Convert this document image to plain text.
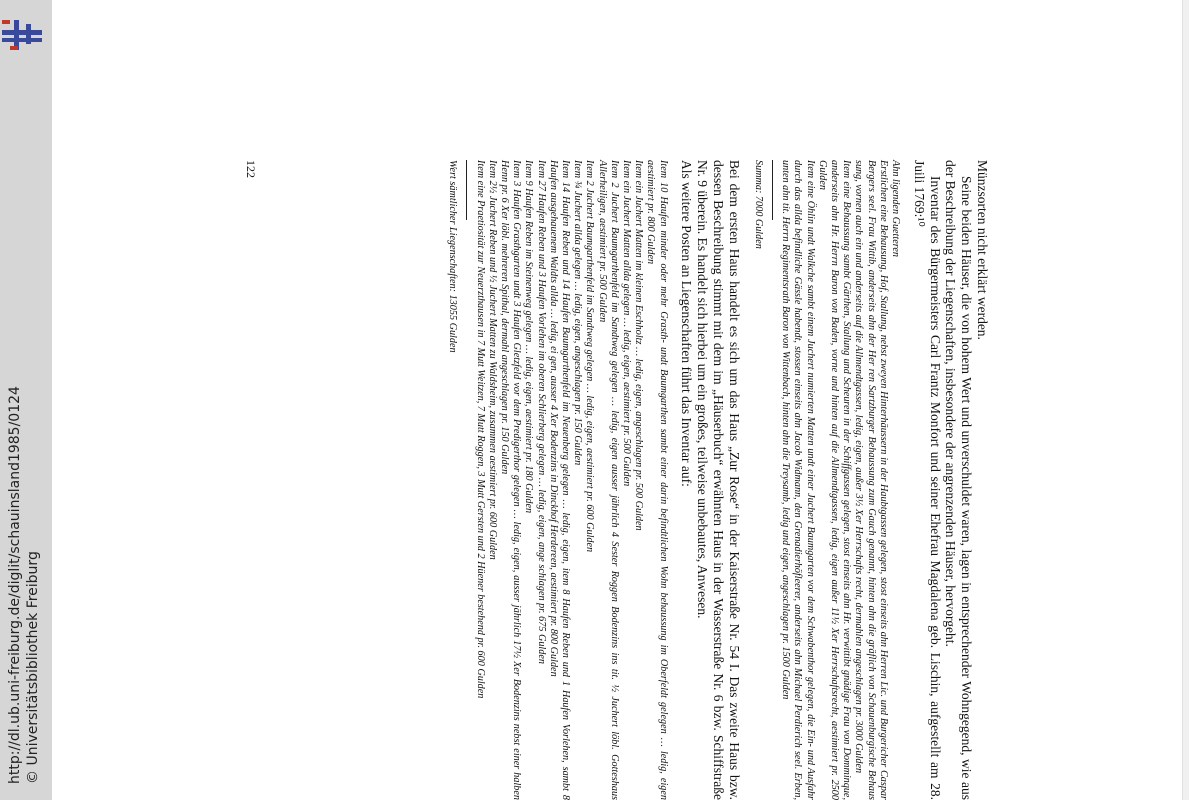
http://dl.ub.uni-freiburg.de/diglit/schauinsland1985/0124 © Universitätsbibliothek Freiburg

Münzsorten nicht erklärt werden.

Seine beiden Häuser, die von hohem Wert und unverschuldet waren, lagen in entsprechender Wohngegend, wie aus der Beschreibung der Liegenschaften, insbesondere der angrenzenden Häuser, hervorgeht.

Inventar des Bürgermeisters Carl Frantz Monfort und seiner Ehefrau Magdalena geb. Lischin, aufgestellt am 28. Juili 1769:¹⁰

Ahn ligenden Guetteren

Erstlichen eine Behausung, Hof, Stallung, nebst zweyen Hinterhäussern in der Haubtgassen gelegen, stost einseits ahn Herren Lic. und Burgericher Caspar Bergers seel. Frau Wittib, anderseits ahn der Her ren Sartzburger Behaussung zum Gauch genannt, hinten ahn die gräflich von Schauenburgische Behaus sung, vornen auch ein und anderseits auf die Allmendtgassen, ledig, eigen, außer 3½ Xer Herrschafts recht, dermahlen angeschlagen pr. 3000 Gulden

Item eine Behaussung sambt Gärthen, Stallung und Scheuren in der Schiffgassen gelegen, stost einseits ahn Hr. verwittibt gnädige Frau von Domminque, anderseits ahn Hr. Herrn Baron von Baden, vorne und hinten auf die Allmendtgassen, ledig, eigen außer 11½ Xer Herrschaftsrecht, aestimiert pr. 2500 Gulden

Item eine Öhlin undt Walkche sambt einem Juchert numierten Matten undt einer Juchert Baumgarten vor dem Schwabenthor gelegen, die Ein- und Ausfahr durch das allda befindliche Gässle habendt, stossen einseits ahn Jacob Widmann, den Grenadierhöfleerer, anderseits ahn Michael Perdierich seel. Erben, unten ahn tit. Herrn Regimentsrath Baron von Wittenbach, hinten ahn die Treysamb, ledig und eigen, angeschlagen pr. 1500 Gulden

Summa: 7000 Gulden

Bei dem ersten Haus handelt es sich um das Haus „Zur Rose“ in der Kaiserstraße Nr. 54 I. Das zweite Haus bzw. dessen Beschreibung stimmt mit dem im „Häuserbuch“ erwähnten Haus in der Wasserstraße Nr. 6 bzw. Schiffstraße Nr. 9 überein. Es handelt sich hierbei um ein großes, teilweise unbebautes, Anwesen.

Als weitere Posten an Liegenschaften führt das Inventar auf:

Item 10 Haufen minder oder mehr Grasth- undt Baumgarthen sambt einer darin befindtlichen Wohn behaussung im Oberfeldt gelegen … ledig, eigen aestimiert pr. 800 Gulden

Item ein Juchert Matten im kleinen Eschholtz … ledig, eigen, angeschlagen pr. 500 Gulden

Item ein Juchert Matten allda gelegen … ledig, eigen, aestimiert pr. 500 Gulden

Item 2 Juchert Baumgarthenfeld im Sandtweg gelegen … ledig, eigen ausser jährlich 4 Sester Roggen Bodenzins ins tit. ½ Juchert löbl. Gotteshaus Allerheiligen, aestimiert pr. 500 Gulden

Item 2 Juchert Baumgarthenfeld im Sandtweg gelegen … ledig, eigen, aestimiert pr. 600 Gulden

Item ¾ Juchert allda gelegen … ledig, eigen, angeschlagen pr. 150 Gulden

Item 14 Haufen Reben und 14 Haufen Baumgarthenfeld im Neuenberg gelegen … ledig, eigen, item 8 Haufen Reben und 1 Haufen Vorlehen, sambt 8 Haufen ausgehauenem Waldts allda … ledig, ei gen, ausser 4 Xer Bodenzins in Dinckhof Herdereen, aestimiert pr. 800 Gulden

Item 27 Haufen Reben und 3 Haufen Vorlehen im oberen Schlierberg gelegen … ledig, eigen, ange schlagen pr. 675 Gulden

Item 9 Haufen Reben im Steinenweg gelegen … ledig, eigen, aestimiert pr. 180 Gulden

Item 3 Haufen Grasthgarten undt 3 Haufen Gletzfeld vor dem Predigerthor gelegen … ledig, eigen, ausser jährlich 17½ Xer Bodenzins nebst einer halben Henn pr. 6 Xer löbl. mehreren Spithal, dermahl angeschlagen pr. 150 Gulden

Item 2½ Juchert Reben und ½ Juchert Matten zu Waldsheim, zusammen aestimiert pr. 600 Gulden

Item eine Praetiosität zur Neuerzthausen in 7 Mutt Weitzen, 7 Mutt Roggen, 3 Mutt Gersten und 2 Hüener bestehend pr. 600 Gulden

Wert sämtlicher Liegenschaften: 13055 Gulden

122
